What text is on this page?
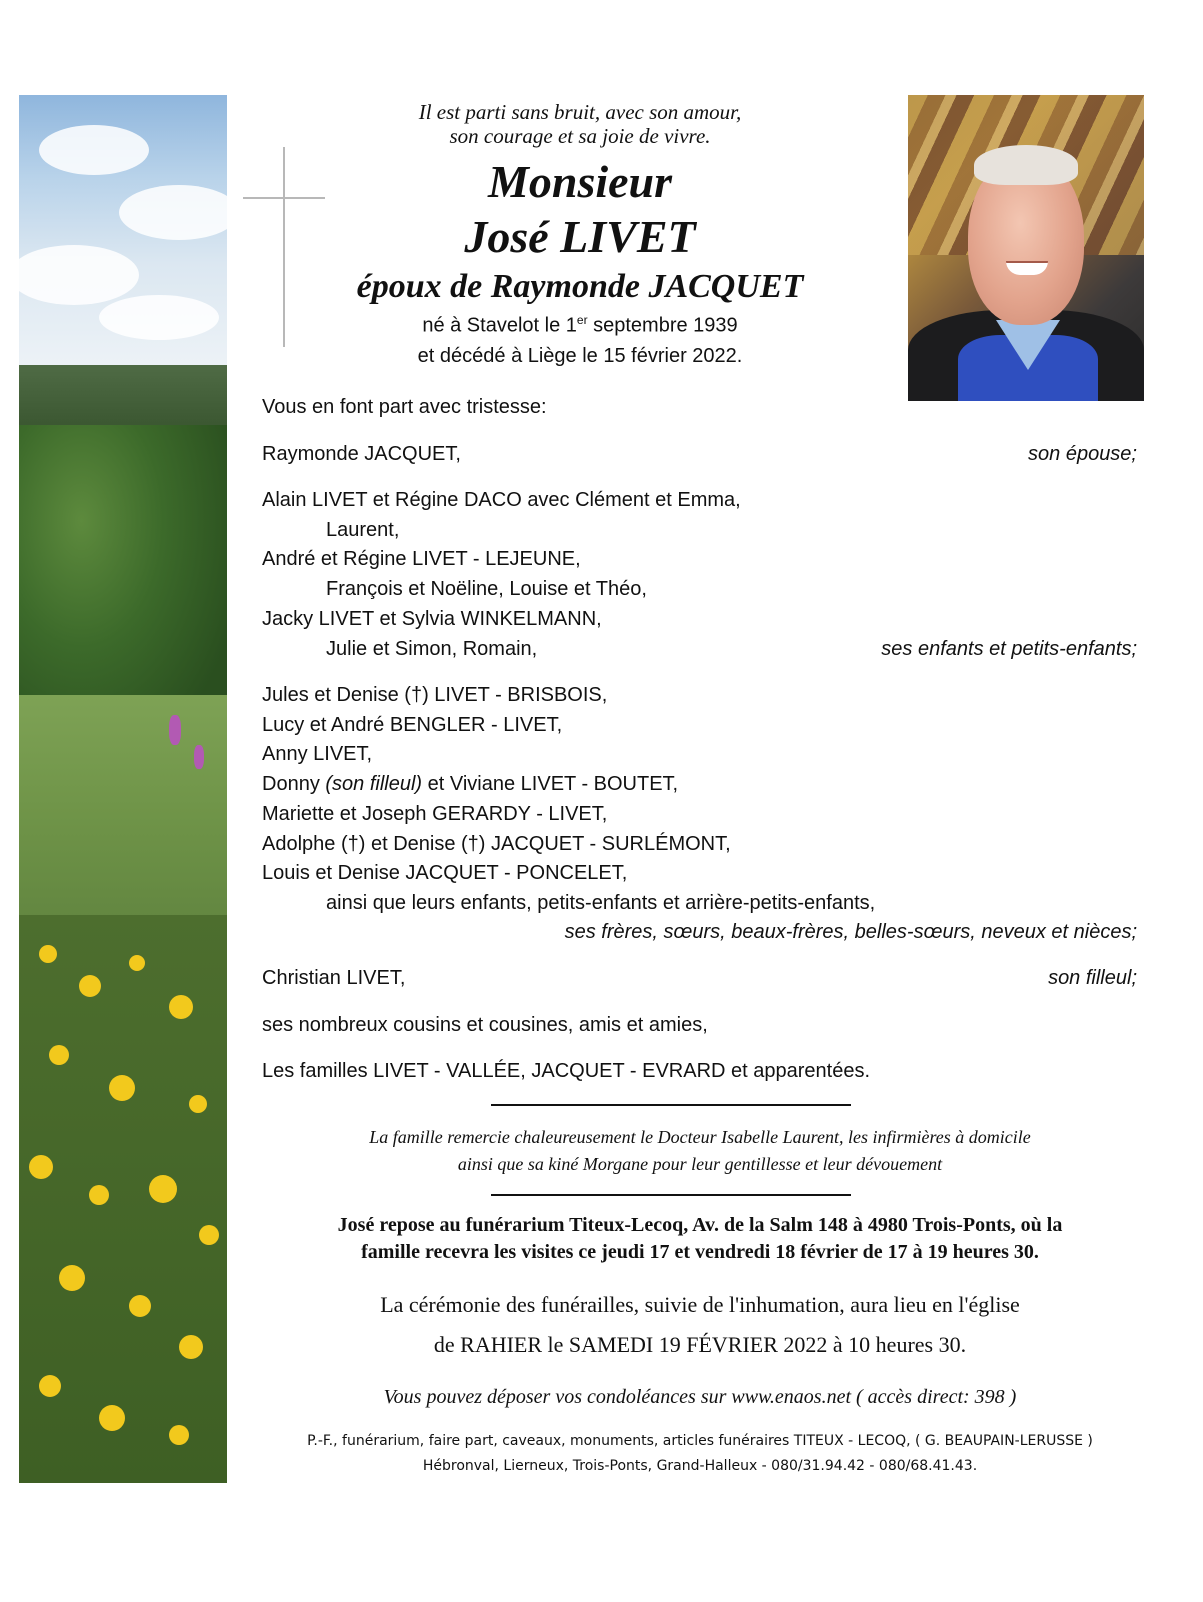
Il est parti sans bruit, avec son amour,
son courage et sa joie de vivre.
Monsieur
José LIVET
époux de Raymonde JACQUET
né à Stavelot le 1er septembre 1939
et décédé à Liège le 15 février 2022.
Vous en font part avec tristesse:
Raymonde JACQUET,	son épouse;
Alain LIVET et Régine DACO avec Clément et Emma,
Laurent,
André et Régine LIVET - LEJEUNE,
François et Noëline, Louise et Théo,
Jacky LIVET et Sylvia WINKELMANN,
Julie et Simon, Romain,	ses enfants et petits-enfants;
Jules et Denise (†) LIVET - BRISBOIS,
Lucy et André BENGLER - LIVET,
Anny LIVET,
Donny (son filleul) et Viviane LIVET - BOUTET,
Mariette et Joseph GERARDY - LIVET,
Adolphe (†) et Denise (†) JACQUET - SURLÉMONT,
Louis et Denise JACQUET - PONCELET,
ainsi que leurs enfants, petits-enfants et arrière-petits-enfants,
ses frères, sœurs, beaux-frères, belles-sœurs, neveux et nièces;
Christian LIVET,	son filleul;
ses nombreux cousins et cousines, amis et amies,
Les familles LIVET - VALLÉE, JACQUET - EVRARD et apparentées.
La famille remercie chaleureusement le Docteur Isabelle Laurent, les infirmières à domicile
ainsi que sa kiné Morgane pour leur gentillesse et leur dévouement
José repose au funérarium Titeux-Lecoq, Av. de la Salm 148 à 4980 Trois-Ponts, où la
famille recevra les visites ce jeudi 17 et vendredi 18 février de 17 à 19 heures 30.
La cérémonie des funérailles, suivie de l'inhumation, aura lieu en l'église
de RAHIER le SAMEDI 19 FÉVRIER 2022 à 10 heures 30.
Vous pouvez déposer vos condoléances sur www.enaos.net ( accès direct: 398 )
P.-F., funérarium, faire part, caveaux, monuments, articles funéraires TITEUX - LECOQ, ( G. BEAUPAIN-LERUSSE )
Hébronval, Lierneux, Trois-Ponts, Grand-Halleux - 080/31.94.42 - 080/68.41.43.
